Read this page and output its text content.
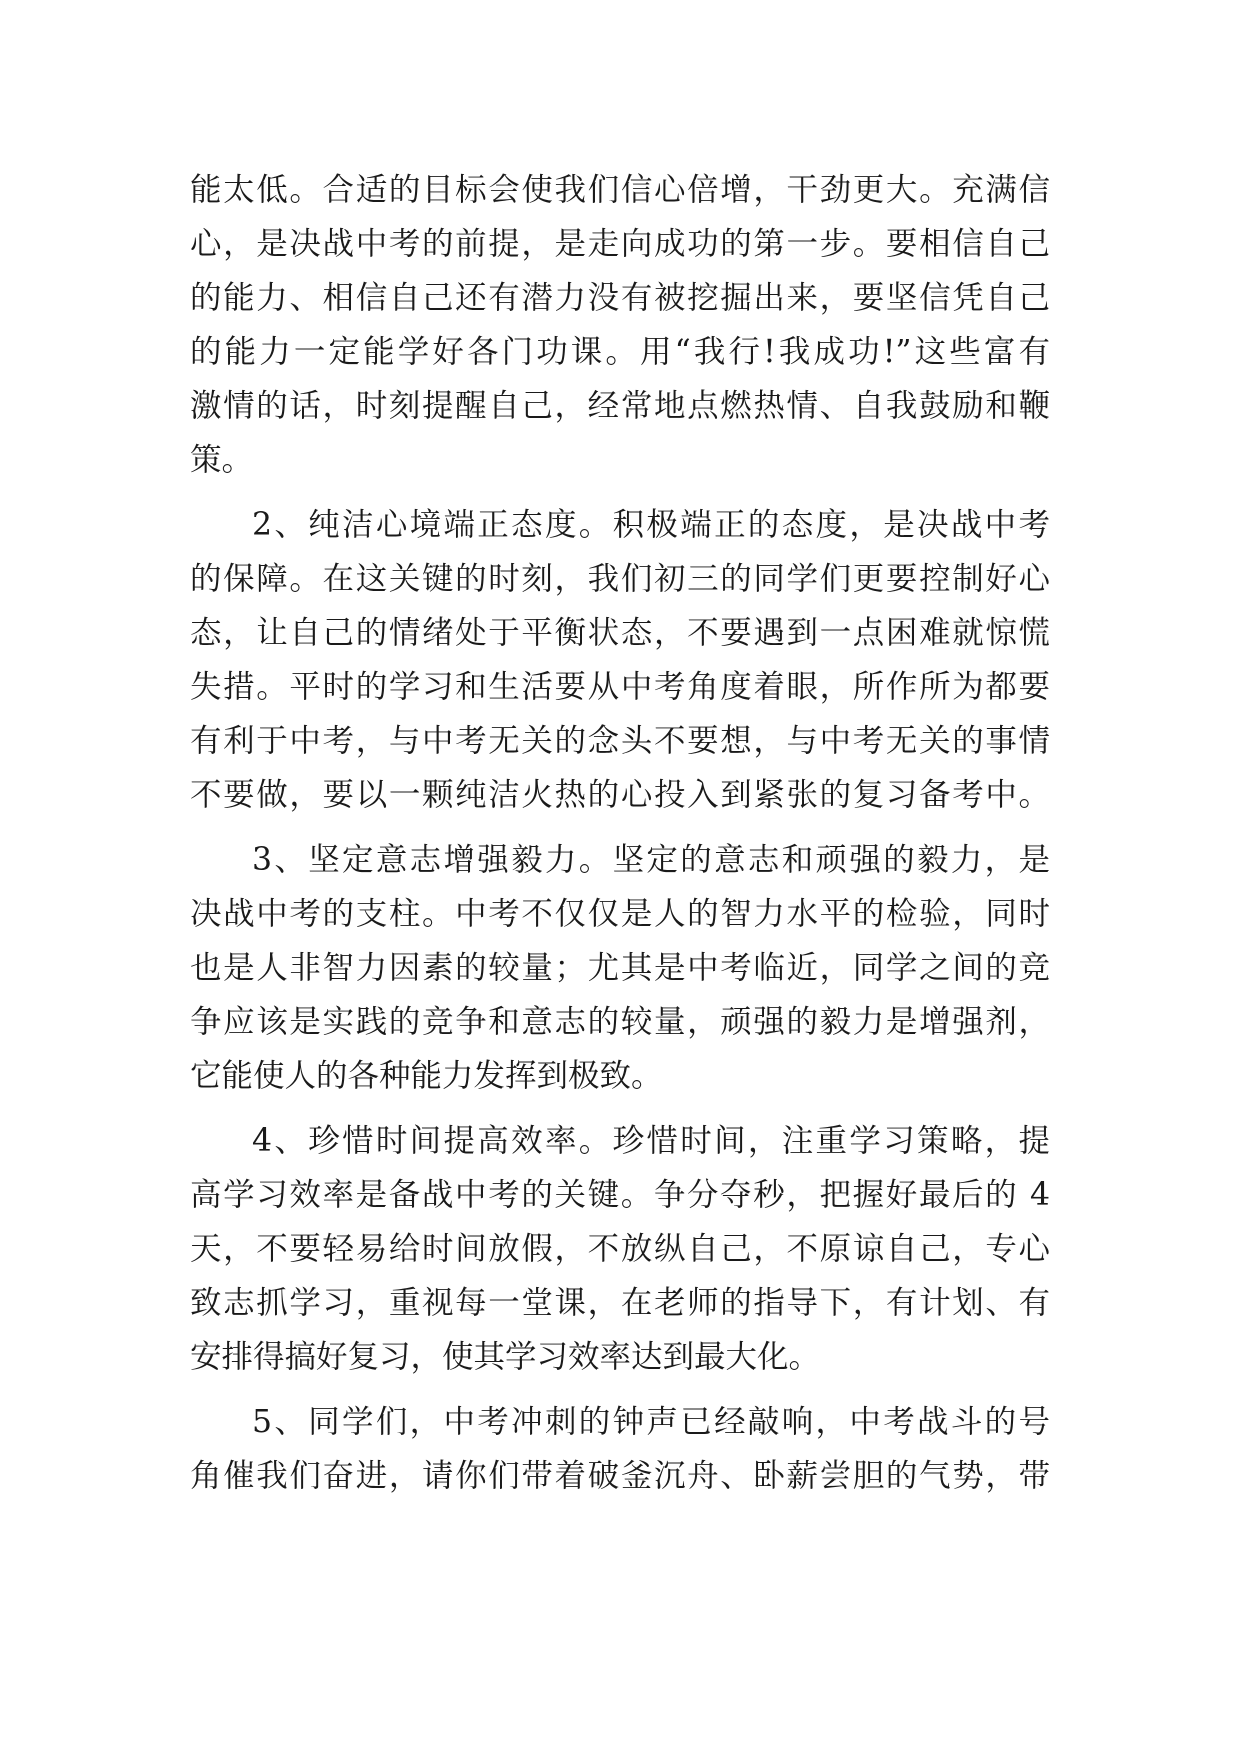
能太低。合适的目标会使我们信心倍增，干劲更大。充满信
心，是决战中考的前提，是走向成功的第一步。要相信自己
的能力、相信自己还有潜力没有被挖掘出来，要坚信凭自己
的能力一定能学好各门功课。用“我行!我成功!”这些富有
激情的话，时刻提醒自己，经常地点燃热情、自我鼓励和鞭
策。
2、纯洁心境端正态度。积极端正的态度，是决战中考
的保障。在这关键的时刻，我们初三的同学们更要控制好心
态，让自己的情绪处于平衡状态，不要遇到一点困难就惊慌
失措。平时的学习和生活要从中考角度着眼，所作所为都要
有利于中考，与中考无关的念头不要想，与中考无关的事情
不要做，要以一颗纯洁火热的心投入到紧张的复习备考中。
3、坚定意志增强毅力。坚定的意志和顽强的毅力，是
决战中考的支柱。中考不仅仅是人的智力水平的检验，同时
也是人非智力因素的较量；尤其是中考临近，同学之间的竞
争应该是实践的竞争和意志的较量，顽强的毅力是增强剂，
它能使人的各种能力发挥到极致。
4、珍惜时间提高效率。珍惜时间，注重学习策略，提
高学习效率是备战中考的关键。争分夺秒，把握好最后的 4
天，不要轻易给时间放假，不放纵自己，不原谅自己，专心
致志抓学习，重视每一堂课，在老师的指导下，有计划、有
安排得搞好复习，使其学习效率达到最大化。
5、同学们，中考冲刺的钟声已经敲响，中考战斗的号
角催我们奋进，请你们带着破釜沉舟、卧薪尝胆的气势，带
